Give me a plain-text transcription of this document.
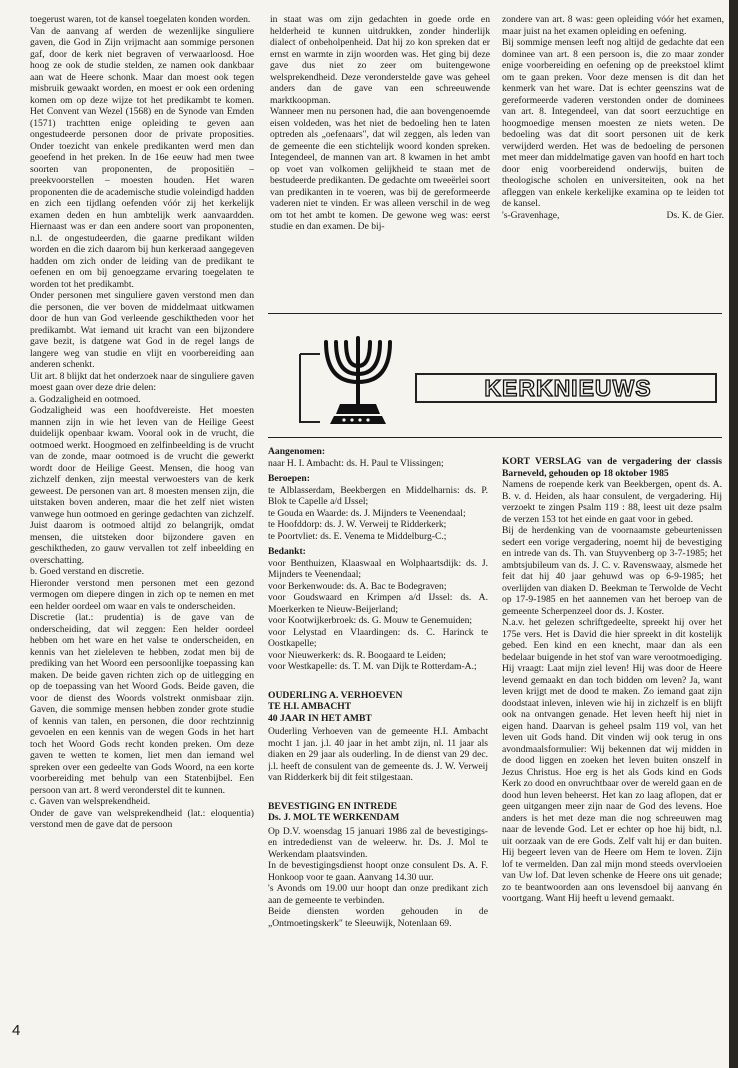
toegerust waren, tot de kansel toegelaten konden worden.

Van de aanvang af werden de wezenlijke singuliere gaven, die God in Zijn vrijmacht aan sommige personen gaf, door de kerk niet begraven of verwaarloosd. Hoe hoog ze ook de studie stelden, ze namen ook dankbaar aan wat de Heere schonk. Maar dan moest ook tegen misbruik gewaakt worden, en moest er ook een ordening komen om op deze wijze tot het predikambt te komen. Het Convent van Wezel (1568) en de Synode van Emden (1571) trachtten enige opleiding te geven aan ongestudeerde personen door de private proposities. Onder toezicht van enkele predikanten werd men dan geoefend in het preken. In de 16e eeuw had men twee soorten van proponenten, de propositiën – preekvoorstellen – moesten houden. Het waren proponenten die de academische studie voleindigd hadden en zich een tijdlang oefenden vóór zij het kerkelijk examen deden en hun ambtelijk werk aanvaardden. Hiernaast was er dan een andere soort van proponenten, n.l. de ongestudeerden, die gaarne predikant wilden worden en die zich daarom bij hun kerkeraad aangegeven hadden om zich onder de leiding van de predikant te oefenen en om bij genoegzame ervaring toegelaten te worden tot het predikambt.

Onder personen met singuliere gaven verstond men dan die personen, die ver boven de middelmaat uitkwamen door de hun van God verleende geschiktheden voor het predikambt. Wat iemand uit kracht van een bijzondere gave bezit, is datgene wat God in de regel langs de langere weg van studie en vlijt en voorbereiding aan anderen schenkt.

Uit art. 8 blijkt dat het onderzoek naar de singuliere gaven moest gaan over deze drie delen:

a. Godzaligheid en ootmoed.

Godzaligheid was een hoofdvereiste. Het moesten mannen zijn in wie het leven van de Heilige Geest duidelijk openbaar kwam. Vooral ook in de vrucht, die ootmoed werkt. Hoogmoed en zelfinbeelding is de vrucht van de zonde, maar ootmoed is de vrucht die gewerkt wordt door de Heilige Geest. Mensen, die hoog van zichzelf denken, zijn meestal verwoesters van de kerk geweest. De personen van art. 8 moesten mensen zijn, die uitstaken boven anderen, maar die het zelf niet wisten vanwege hun ootmoed en geringe gedachten van zichzelf. Juist daarom is ootmoed altijd zo belangrijk, omdat mensen, die uitsteken door bijzondere gaven en geschiktheden, zo gauw vervallen tot zelf inbeelding en overschatting.

b. Goed verstand en discretie.

Hieronder verstond men personen met een gezond vermogen om diepere dingen in zich op te nemen en met een helder oordeel om waar en vals te onderscheiden.

Discretie (lat.: prudentia) is de gave van de onderscheiding, dat wil zeggen: Een helder oordeel hebben om het ware en het valse te onderscheiden, en kennis van het zieleleven te hebben, zodat men bij de prediking van het Woord een persoonlijke toepassing kan maken. De beide gaven richten zich op de uitlegging en op de toepassing van het Woord Gods. Beide gaven, die voor de dienst des Woords volstrekt onmisbaar zijn. Gaven, die sommige mensen hebben zonder grote studie of kennis van talen, en personen, die door rechtzinnig gevoelen en een kennis van de wegen Gods in het hart toch het Woord Gods recht konden preken. Om deze gaven te wetten te komen, liet men dan iemand wel spreken over een gedeelte van Gods Woord, na een korte voorbereiding met behulp van een Statenbijbel. Een persoon van art. 8 werd veronderstel dit te kunnen.

c. Gaven van welsprekendheid.

Onder de gave van welsprekendheid (lat.: eloquentia) verstond men de gave dat de persoon

in staat was om zijn gedachten in goede orde en helderheid te kunnen uitdrukken, zonder hinderlijk dialect of onbeholpenheid. Dat hij zo kon spreken dat er ernst en warmte in zijn woorden was. Het ging bij deze gave dus niet zo zeer om buitengewone welsprekendheid. Deze veronderstelde gave was geheel anders dan de gave van een schreeuwende marktkoopman.

Wanneer men nu personen had, die aan bovengenoemde eisen voldeden, was het niet de bedoeling hen te laten optreden als „oefenaars", dat wil zeggen, als leden van de gemeente die een stichtelijk woord konden spreken. Integendeel, de mannen van art. 8 kwamen in het ambt op voet van volkomen gelijkheid te staan met de bestudeerde predikanten. De gedachte om tweeërlei soort van predikanten in te voeren, was bij de gereformeerde vaderen niet te vinden. Er was alleen verschil in de weg om tot het ambt te komen. De gewone weg was: eerst studie en dan examen. De bij-

zondere van art. 8 was: geen opleiding vóór het examen, maar juist na het examen opleiding en oefening.

Bij sommige mensen leeft nog altijd de gedachte dat een dominee van art. 8 een persoon is, die zo maar zonder enige voorbereiding en oefening op de preekstoel klimt om te gaan preken. Voor deze mensen is dit dan het kenmerk van het ware. Dat is echter geenszins wat de gereformeerde vaderen verstonden onder de dominees van art. 8. Integendeel, van dat soort eerzuchtige en hoogmoedige mensen moesten ze niets weten. De bedoeling was dat dit soort personen uit de kerk verwijderd werden. Het was de bedoeling de personen met meer dan middelmatige gaven van hoofd en hart toch door enig voorbereidend onderwijs, buiten de theologische scholen en universiteiten, ook na het afleggen van enkele kerkelijke examina op te leiden tot de kansel.

's-Gravenhage,	Ds. K. de Gier.
KERKNIEUWS

Aangenomen:

naar H. I. Ambacht: ds. H. Paul te Vlissingen;

Beroepen:

te Alblasserdam, Beekbergen en Middelharnis: ds. P. Blok te Capelle a/d IJssel;

te Gouda en Waarde: ds. J. Mijnders te Veenendaal;

te Hoofddorp: ds. J. W. Verweij te Ridderkerk;

te Poortvliet: ds. E. Venema te Middelburg-C.;

Bedankt:

voor Benthuizen, Klaaswaal en Wolphaartsdijk: ds. J. Mijnders te Veenendaal;

voor Berkenwoude: ds. A. Bac te Bodegraven;

voor Goudswaard en Krimpen a/d IJssel: ds. A. Moerkerken te Nieuw-Beijerland;

voor Kootwijkerbroek: ds. G. Mouw te Genemuiden;

voor Lelystad en Vlaardingen: ds. C. Harinck te Oostkapelle;

voor Nieuwerkerk: ds. R. Boogaard te Leiden;

voor Westkapelle: ds. T. M. van Dijk te Rotterdam-A.;

OUDERLING A. VERHOEVEN
TE H.I. AMBACHT
40 JAAR IN HET AMBT

Ouderling Verhoeven van de gemeente H.I. Ambacht mocht 1 jan. j.l. 40 jaar in het ambt zijn, nl. 11 jaar als diaken en 29 jaar als ouderling. In de dienst van 29 dec. j.l. heeft de consulent van de gemeente ds. J. W. Verweij van Ridderkerk bij dit feit stilgestaan.

BEVESTIGING EN INTREDE
Ds. J. MOL TE WERKENDAM

Op D.V. woensdag 15 januari 1986 zal de bevestigings- en intrededienst van de weleerw. hr. Ds. J. Mol te Werkendam plaatsvinden.

In de bevestigingsdienst hoopt onze consulent Ds. A. F. Honkoop voor te gaan. Aanvang 14.30 uur.

's Avonds om 19.00 uur hoopt dan onze predikant zich aan de gemeente te verbinden.

Beide diensten worden gehouden in de „Ontmoetingskerk" te Sleeuwijk, Notenlaan 69.

KORT VERSLAG van de vergadering der classis Barneveld, gehouden op 18 oktober 1985

Namens de roepende kerk van Beekbergen, opent ds. A. B. v. d. Heiden, als haar consulent, de vergadering. Hij verzoekt te zingen Psalm 119 : 88, leest uit deze psalm de verzen 153 tot het einde en gaat voor in gebed.

Bij de herdenking van de voornaamste gebeurtenissen sedert een vorige vergadering, noemt hij de bevestiging en intrede van ds. Th. van Stuyvenberg op 3-7-1985; het ambtsjubileum van ds. J. C. v. Ravenswaay, alsmede het feit dat hij 40 jaar gehuwd was op 6-9-1985; het overlijden van diaken D. Beekman te Terwolde de Vecht op 17-9-1985 en het aannemen van het beroep van de gemeente Scherpenzeel door ds. J. Koster.

N.a.v. het gelezen schriftgedeelte, spreekt hij over het 175e vers. Het is David die hier spreekt in dit kostelijk gebed. Een kind en een knecht, maar dan als een bedelaar buigende in het stof van ware verootmoediging. Hij vraagt: Laat mijn ziel leven! Hij was door de Heere levend gemaakt en dan toch bidden om leven? Ja, want leven krijgt met de dood te maken. Zo iemand gaat zijn doodstaat inleven, inleven wie hij in zichzelf is en blijft ook na ontvangen genade. Het leven heeft hij niet in eigen hand. Daarvan is geheel psalm 119 vol, van het leven uit Gods hand. Dit vinden wij ook terug in ons avondmaalsformulier: Wij bekennen dat wij midden in de dood liggen en zoeken het leven buiten onszelf in Jezus Christus. Hoe erg is het als Gods kind en Gods Kerk zo dood en onvruchtbaar over de wereld gaan en de dood hun leven beheerst. Het kan zo laag aflopen, dat er geen uitgangen meer zijn naar de God des levens. Hoe anders is het met deze man die nog schreeuwen mag naar de levende God. Let er echter op hoe hij bidt, n.l. uit oorzaak van de ere Gods. Zelf valt hij er dan buiten. Hij begeert leven van de Heere om Hem te loven. Zijn lof te vermelden. Dan zal mijn mond steeds overvloeien van Uw lof. Dat leven schenke de Heere ons uit genade; zo te beantwoorden aan ons levensdoel bij aanvang én voortgang. Want Hij heeft u levend gemaakt.

4
